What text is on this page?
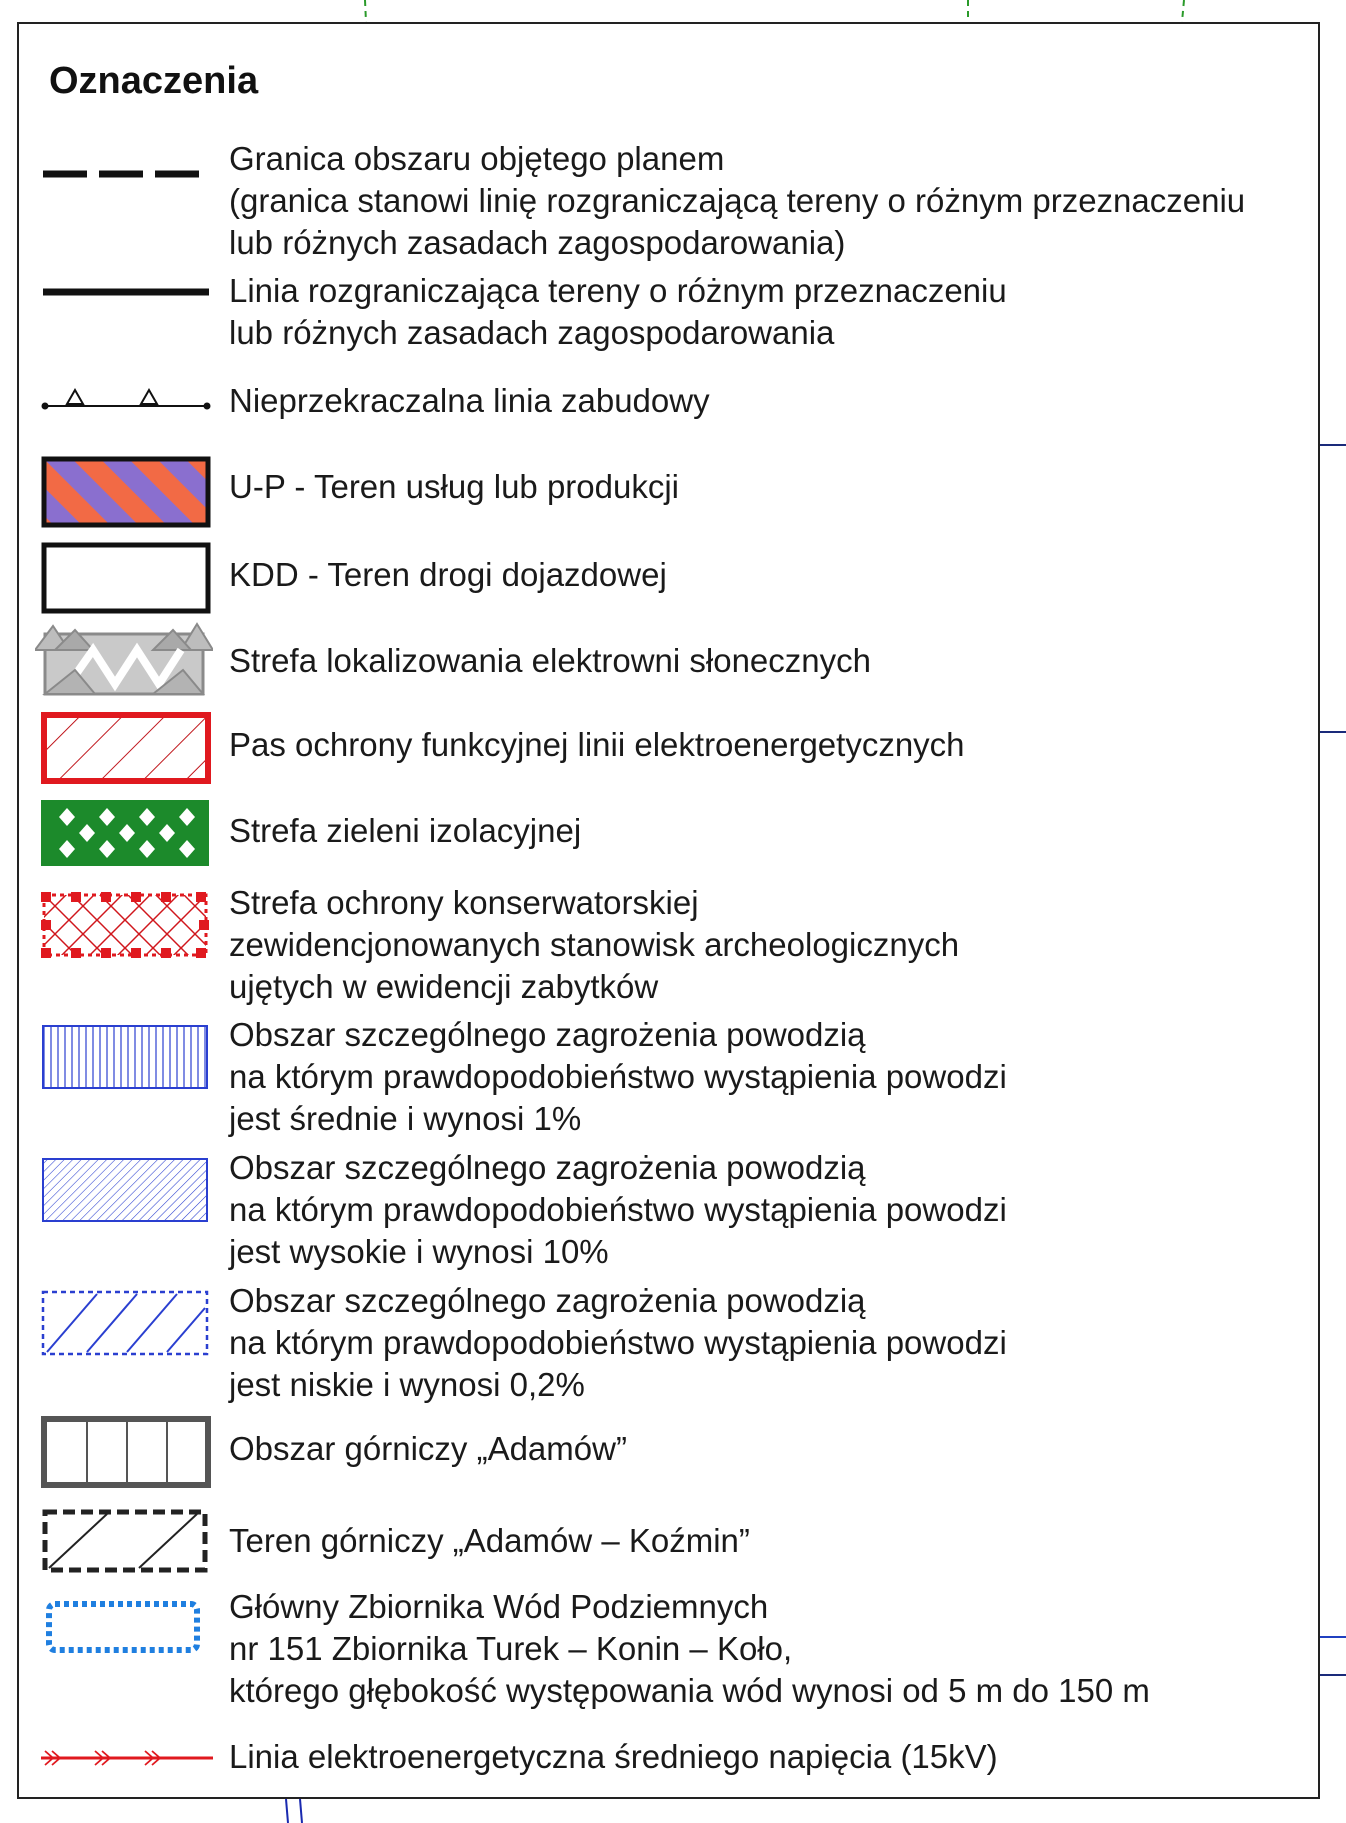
Oznaczenia
Granica obszaru objętego planem
(granica stanowi linię rozgraniczającą tereny o różnym przeznaczeniu
lub różnych zasadach zagospodarowania)
Linia rozgraniczająca tereny o różnym przeznaczeniu
lub różnych zasadach zagospodarowania
Nieprzekraczalna linia zabudowy
U-P - Teren usług lub produkcji
KDD - Teren drogi dojazdowej
Strefa lokalizowania elektrowni słonecznych
Pas ochrony funkcyjnej linii elektroenergetycznych
Strefa zieleni izolacyjnej
Strefa ochrony konserwatorskiej
zewidencjonowanych stanowisk archeologicznych
ujętych w ewidencji zabytków
Obszar szczególnego zagrożenia powodzią
na którym prawdopodobieństwo wystąpienia powodzi
jest średnie i wynosi 1%
Obszar szczególnego zagrożenia powodzią
na którym prawdopodobieństwo wystąpienia powodzi
jest wysokie i wynosi 10%
Obszar szczególnego zagrożenia powodzią
na którym prawdopodobieństwo wystąpienia powodzi
jest niskie i wynosi 0,2%
Obszar górniczy „Adamów”
Teren górniczy „Adamów – Koźmin”
Główny Zbiornika Wód Podziemnych
nr 151 Zbiornika Turek – Konin – Koło,
którego głębokość występowania wód wynosi od 5 m do 150 m
Linia elektroenergetyczna średniego napięcia (15kV)
